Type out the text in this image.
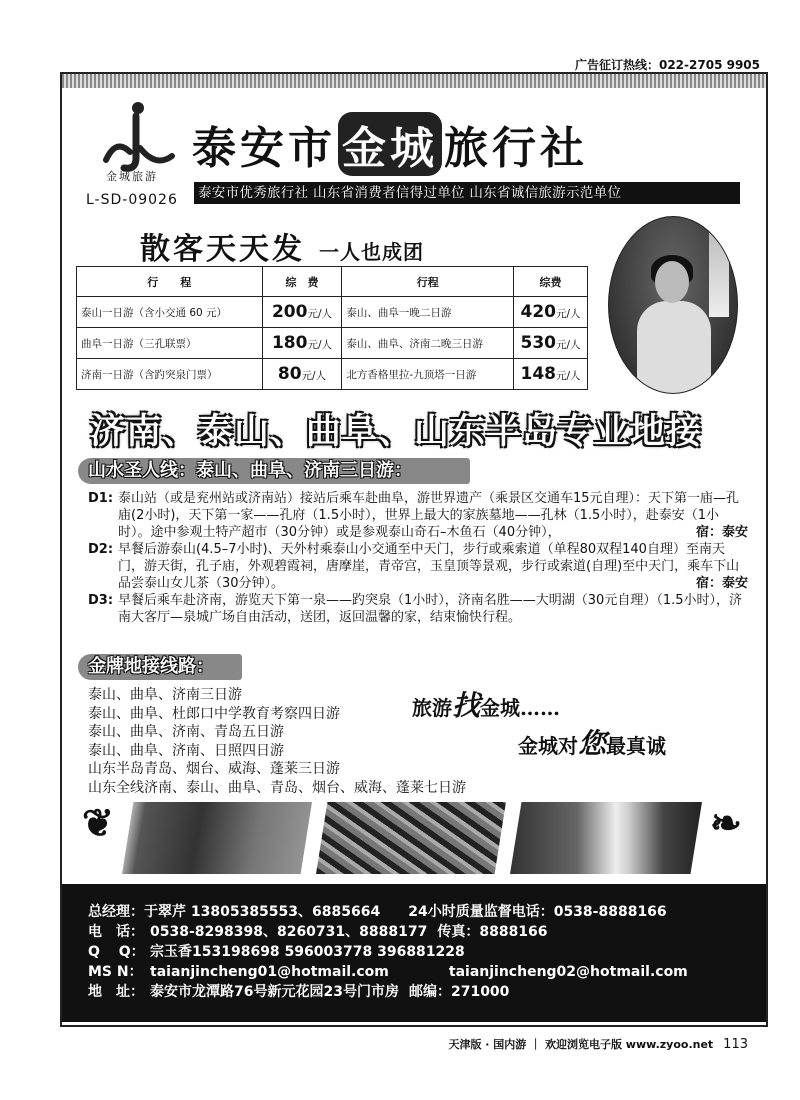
广告征订热线：022-2705 9905
金城旅游
L-SD-09026
泰安市 金城 旅行社
泰安市优秀旅行社 山东省消费者信得过单位 山东省诚信旅游示范单位
散客天天发 一人也成团
行　　程	综　费	行程	综费
泰山一日游（含小交通 60 元）	200元/人	泰山、曲阜一晚二日游	420元/人
曲阜一日游（三孔联票）	180元/人	泰山、曲阜、济南二晚三日游	530元/人
济南一日游（含趵突泉门票）	80元/人	北方香格里拉-九顶塔一日游	148元/人
济南、泰山、曲阜、山东半岛专业地接
山水圣人线：泰山、曲阜、济南三日游：

D1: 泰山站（或是兖州站或济南站）接站后乘车赴曲阜，游世界遗产（乘景区交通车15元自理）：天下第一庙—孔庙(2小时)，天下第一家——孔府（1.5小时），世界上最大的家族墓地——孔林（1.5小时），赴泰安（1小时）。途中参观土特产超市（30分钟）或是参观泰山奇石–木鱼石（40分钟），	宿：泰安

D2: 早餐后游泰山(4.5–7小时)、天外村乘泰山小交通至中天门，步行或乘索道（单程80双程140自理）至南天门，游天街，孔子庙，外观碧霞祠，唐摩崖，青帝宫，玉皇顶等景观，步行或索道(自理)至中天门，乘车下山品尝泰山女儿茶（30分钟）。	宿：泰安

D3: 早餐后乘车赴济南，游览天下第一泉——趵突泉（1小时），济南名胜——大明湖（30元自理）（1.5小时），济南大客厅—泉城广场自由活动，送团，返回温馨的家，结束愉快行程。

金牌地接线路：
泰山、曲阜、济南三日游
泰山、曲阜、杜郎口中学教育考察四日游
泰山、曲阜、济南、青岛五日游
泰山、曲阜、济南、日照四日游
山东半岛青岛、烟台、威海、蓬莱三日游
山东全线济南、泰山、曲阜、青岛、烟台、威海、蓬莱七日游
旅游找金城……
金城对您最真诚
❦	❧
总经理： 于翠芹 13805385553、6885664 24小时质量监督电话： 0538-8888166
电　话： 0538-8298398、8260731、8888177 传真： 8888166
Q　 Q： 宗玉香153198698 596003778 396881228
MS N： taianjincheng01@hotmail.com	taianjincheng02@hotmail.com
地　址： 泰安市龙潭路76号新元花园23号门市房 邮编： 271000
天津版 · 国内游 ｜ 欢迎浏览电子版 www.zyoo.net 113
